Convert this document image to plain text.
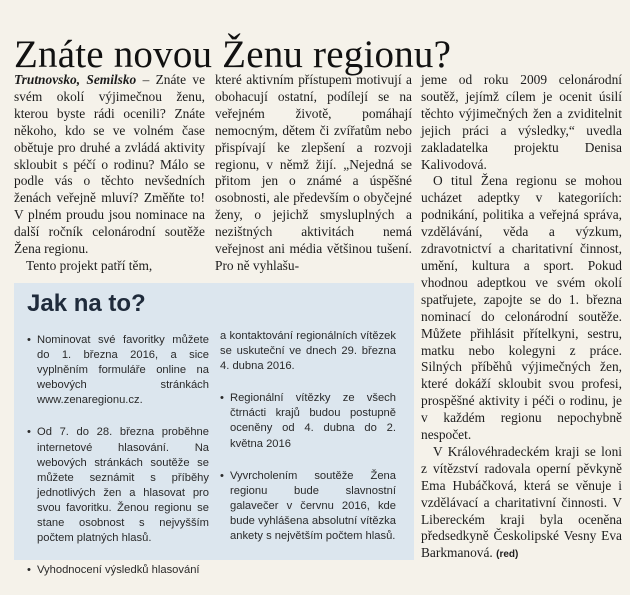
Znáte novou Ženu regionu?

Trutnovsko, Semilsko – Znáte ve svém okolí výjimečnou ženu, kterou byste rádi ocenili? Znáte někoho, kdo se ve volném čase obětuje pro druhé a zvládá aktivity skloubit s péčí o rodinu? Málo se podle vás o těchto nevšedních ženách veřejně mluví? Změňte to! V plném proudu jsou nominace na další ročník celonárodní soutěže Žena regionu.

Tento projekt patří těm,

které aktivním přístupem motivují a obohacují ostatní, podílejí se na veřejném životě, pomáhají nemocným, dětem či zvířatům nebo přispívají ke zlepšení a rozvoji regionu, v němž žijí. „Nejedná se přitom jen o známé a úspěšné osobnosti, ale především o obyčejné ženy, o jejichž smysluplných a nezištných aktivitách nemá veřejnost ani média většinou tušení. Pro ně vyhlašu-

jeme od roku 2009 celonárodní soutěž, jejímž cílem je ocenit úsilí těchto výjimečných žen a zviditelnit jejich práci a výsledky,“ uvedla zakladatelka projektu Denisa Kalivodová.

O titul Žena regionu se mohou ucházet adeptky v kategoriích: podnikání, politika a veřejná správa, vzdělávání, věda a výzkum, zdravotnictví a charitativní činnost, umění, kultura a sport. Pokud vhodnou adeptkou ve svém okolí spatřujete, zapojte se do 1. března nominací do celonárodní soutěže. Můžete přihlásit přítelkyni, sestru, matku nebo kolegyni z práce. Silných příběhů výjimečných žen, které dokáží skloubit svou profesi, prospěšné aktivity i péči o rodinu, je v každém regionu nepochybně nespočet.

V Královéhradeckém kraji se loni z vítězství radovala operní pěvkyně Ema Hubáčková, která se věnuje i vzdělávací a charitativní činnosti. V Libereckém kraji byla oceněna předsedkyně Českolipské Vesny Eva Barkmanová. (red)

Jak na to?
• Nominovat své favoritky můžete do 1. března 2016, a sice vyplněním formuláře online na webových stránkách www.zenaregionu.cz.
• Od 7. do 28. března proběhne internetové hlasování. Na webových stránkách soutěže se můžete seznámit s příběhy jednotlivých žen a hlasovat pro svou favoritku. Ženou regionu se stane osobnost s nejvyšším počtem platných hlasů.
• Vyhodnocení výsledků hlasování
a kontaktování regionálních vítězek se uskuteční ve dnech 29. března 4. dubna 2016.
• Regionální vítězky ze všech čtrnácti krajů budou postupně oceněny od 4. dubna do 2. května 2016
• Vyvrcholením soutěže Žena regionu bude slavnostní galavečer v červnu 2016, kde bude vyhlášena absolutní vítězka ankety s největším počtem hlasů.
